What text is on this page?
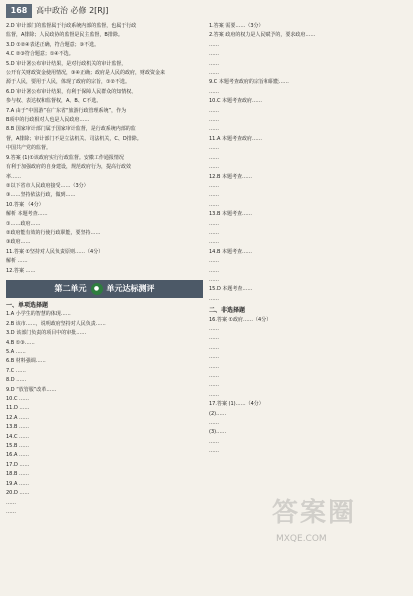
168	高中政治 必修 2[RJ]

2.D 审计部门的监督属于行政系统内部的监督，也属于行政

监督，A排除；人民政协的监督是民主监督，B排除。

3.D ①②④表述正确，符合题意；③不选。

4.C ②③符合题意；①④不选。

5.D 审计署公布审计结果，是对行政机关的审计监督，

公开有关财政资金使用情况，③④正确；政府是人民的政府，财政资金来

源于人民，要用于人民，体现了政府的宗旨，①②不选。

6.D 审计署公布审计结果，有利于保障人民群众的知情权、

参与权、表达权和监督权，A、B、C不选。

7.A 由于“中国游”在广东省“旅游行政管理系统”，作为

B项中的行政相对人也是人民政府……

8.B 国家审计部门属于国家审计监督，是行政系统内部的监

督，A排除；审计部门不是立法机关、司法机关，C、D排除。

中国共产党的监督。

9.答案 (1)①该政府实行行政监督。安徽工作通报情况

有利于加强政府的自身建设，规范政府行为，提高行政效

率……

②以下省市人民政府接受……（3分）

③……坚持依法行政，做到……

10.答案 （4分）

解析 本题考查……

①……政府……

②政府能有效的行使行政职能，要坚持……

③政府……

11.答案 ①坚持对人民负责原则……（4分）

解析 ……

12.答案 ……

第二单元	● 单元达标测评
一、单项选择题

1.A 小学生的智慧的体现……

2.B 该市……，说明政府坚持对人民负责……

3.D 该部门负责的项目中的审批……

4.B ①③……

5.A ……

6.B 材料强调……

7.C ……

8.D ……

9.D “放管服”改革……

10.C ……

11.D ……

12.A ……

13.B ……

14.C ……

15.B ……

16.A ……

17.D ……

18.B ……

19.A ……

20.D ……

……

……

1.答案 需要……（3分）

2.答案 政府的权力是人民赋予的，要求政府……

……

……

……

……

9.C 本题考查政府的宗旨和职能……

……

10.C 本题考查政府……

……

……

……

11.A 本题考查政府……

……

……

……

12.B 本题考查……

……

……

……

13.B 本题考查……

……

……

……

14.B 本题考查……

……

……

……

15.D 本题考查……

……

二、非选择题

16.答案 ①政府……（4分）

……

……

……

……

……

……

……

……

17.答案 (1)……（4分）

(2)……

……

(3)……

……

……

答案圈
MXQE.COM
